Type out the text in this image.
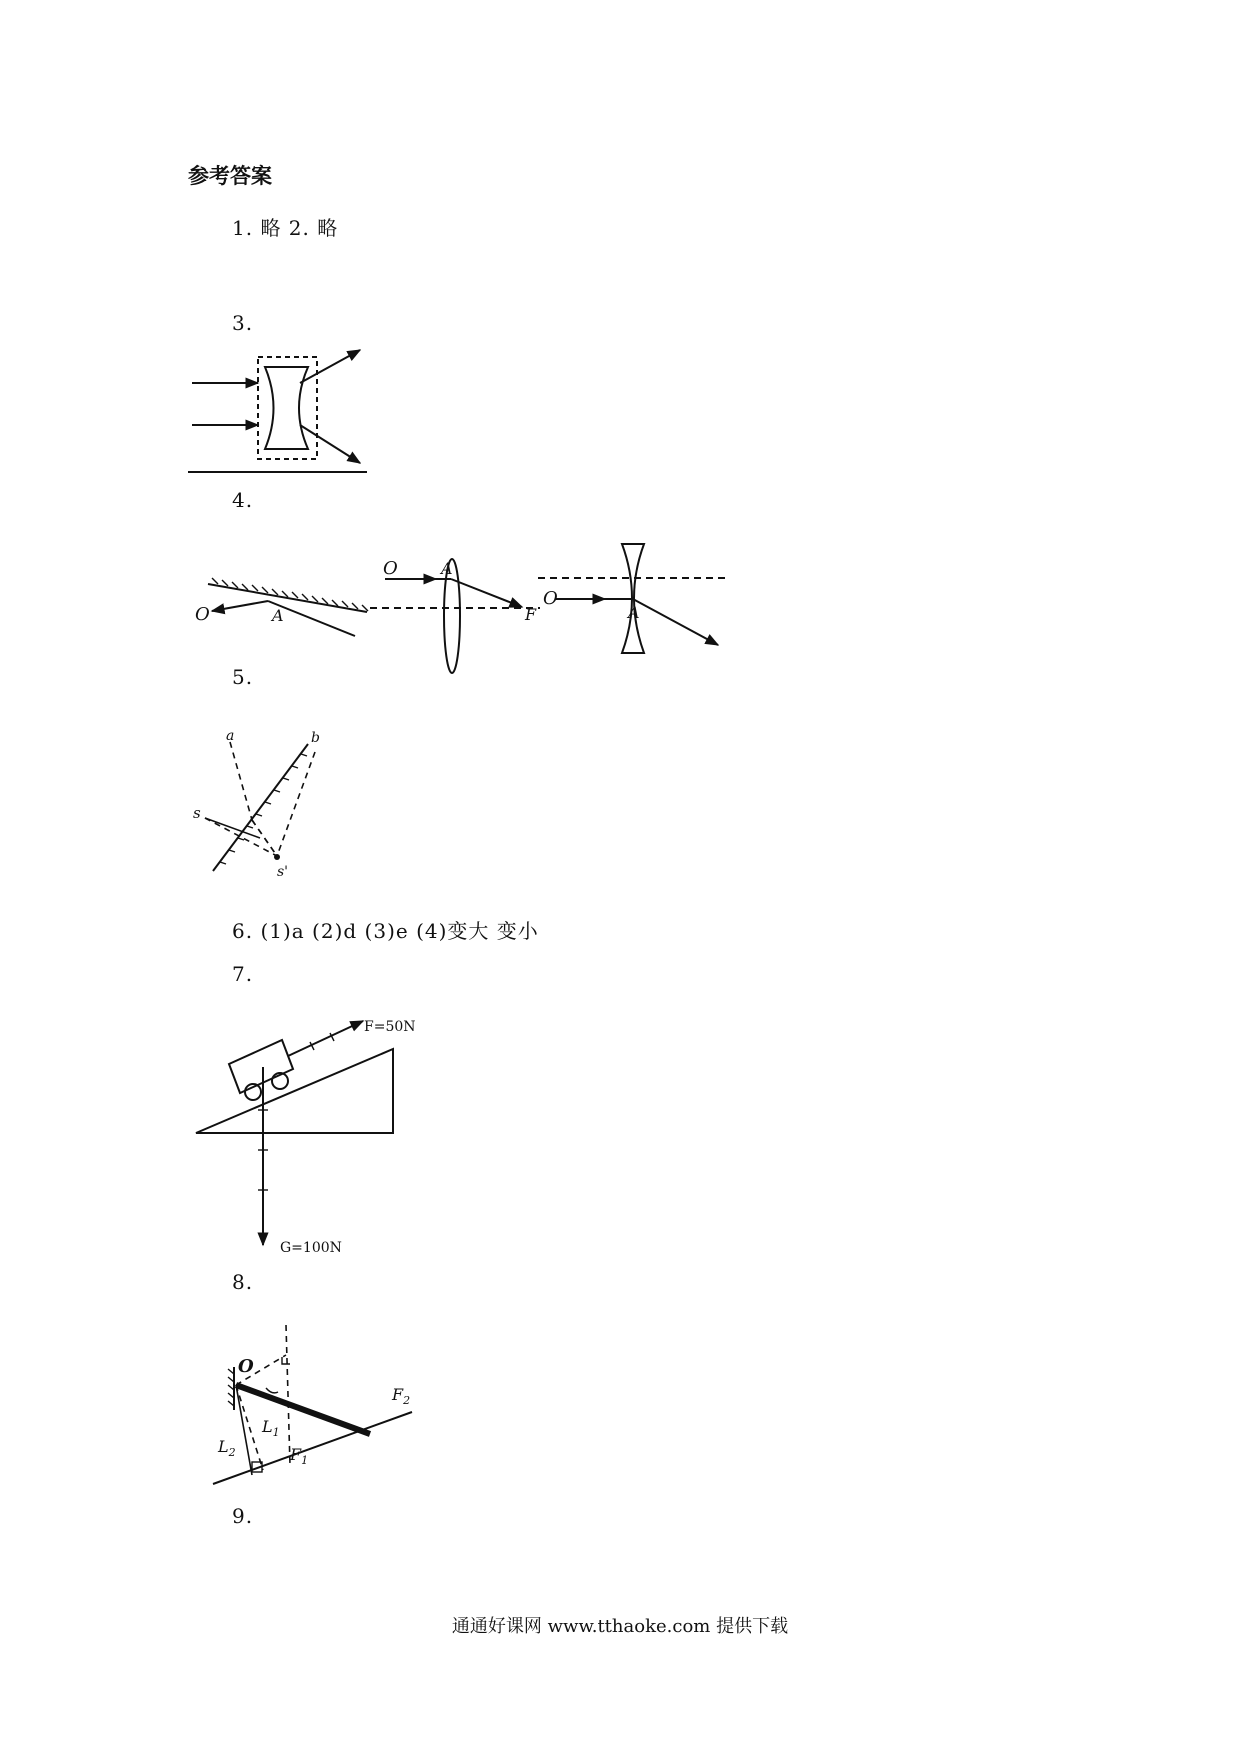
参考答案
1. 略 2. 略
3.
4.
O	A
O	A
F
O
A
5.
a	b
s
s'
6. (1)a (2)d (3)e (4)变大 变小
7.
F=50N
G=100N
8.
O
$L_1$
$L_2$	$F_1$
$F_2$
9.
通通好课网 www.tthaoke.com 提供下载
